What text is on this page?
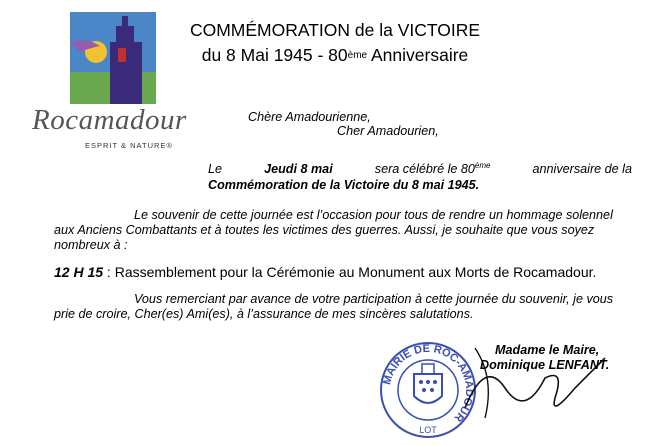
Rocamadour
ESPRIT & NATURE®
COMMÉMORATION de la VICTOIRE
du 8 Mai 1945 - 80ème Anniversaire
Chère Amadourienne,
Cher Amadourien,
Le	Jeudi 8 mai	sera célébré le 80ème	anniversaire de la
Commémoration de la Victoire du 8 mai 1945.
Le souvenir de cette journée est l’occasion pour tous de rendre un hommage solennel
aux Anciens Combattants et à toutes les victimes des guerres. Aussi, je souhaite que vous soyez
nombreux à :
12 H 15 : Rassemblement pour la Cérémonie au Monument aux Morts de Rocamadour.
Vous remerciant par avance de votre participation à cette journée du souvenir, je vous
prie de croire, Cher(es) Ami(es), à l’assurance de mes sincères salutations.
MAIRIE DE ROC-AMADOUR
LOT
Madame le Maire,
Dominique LENFANT.
